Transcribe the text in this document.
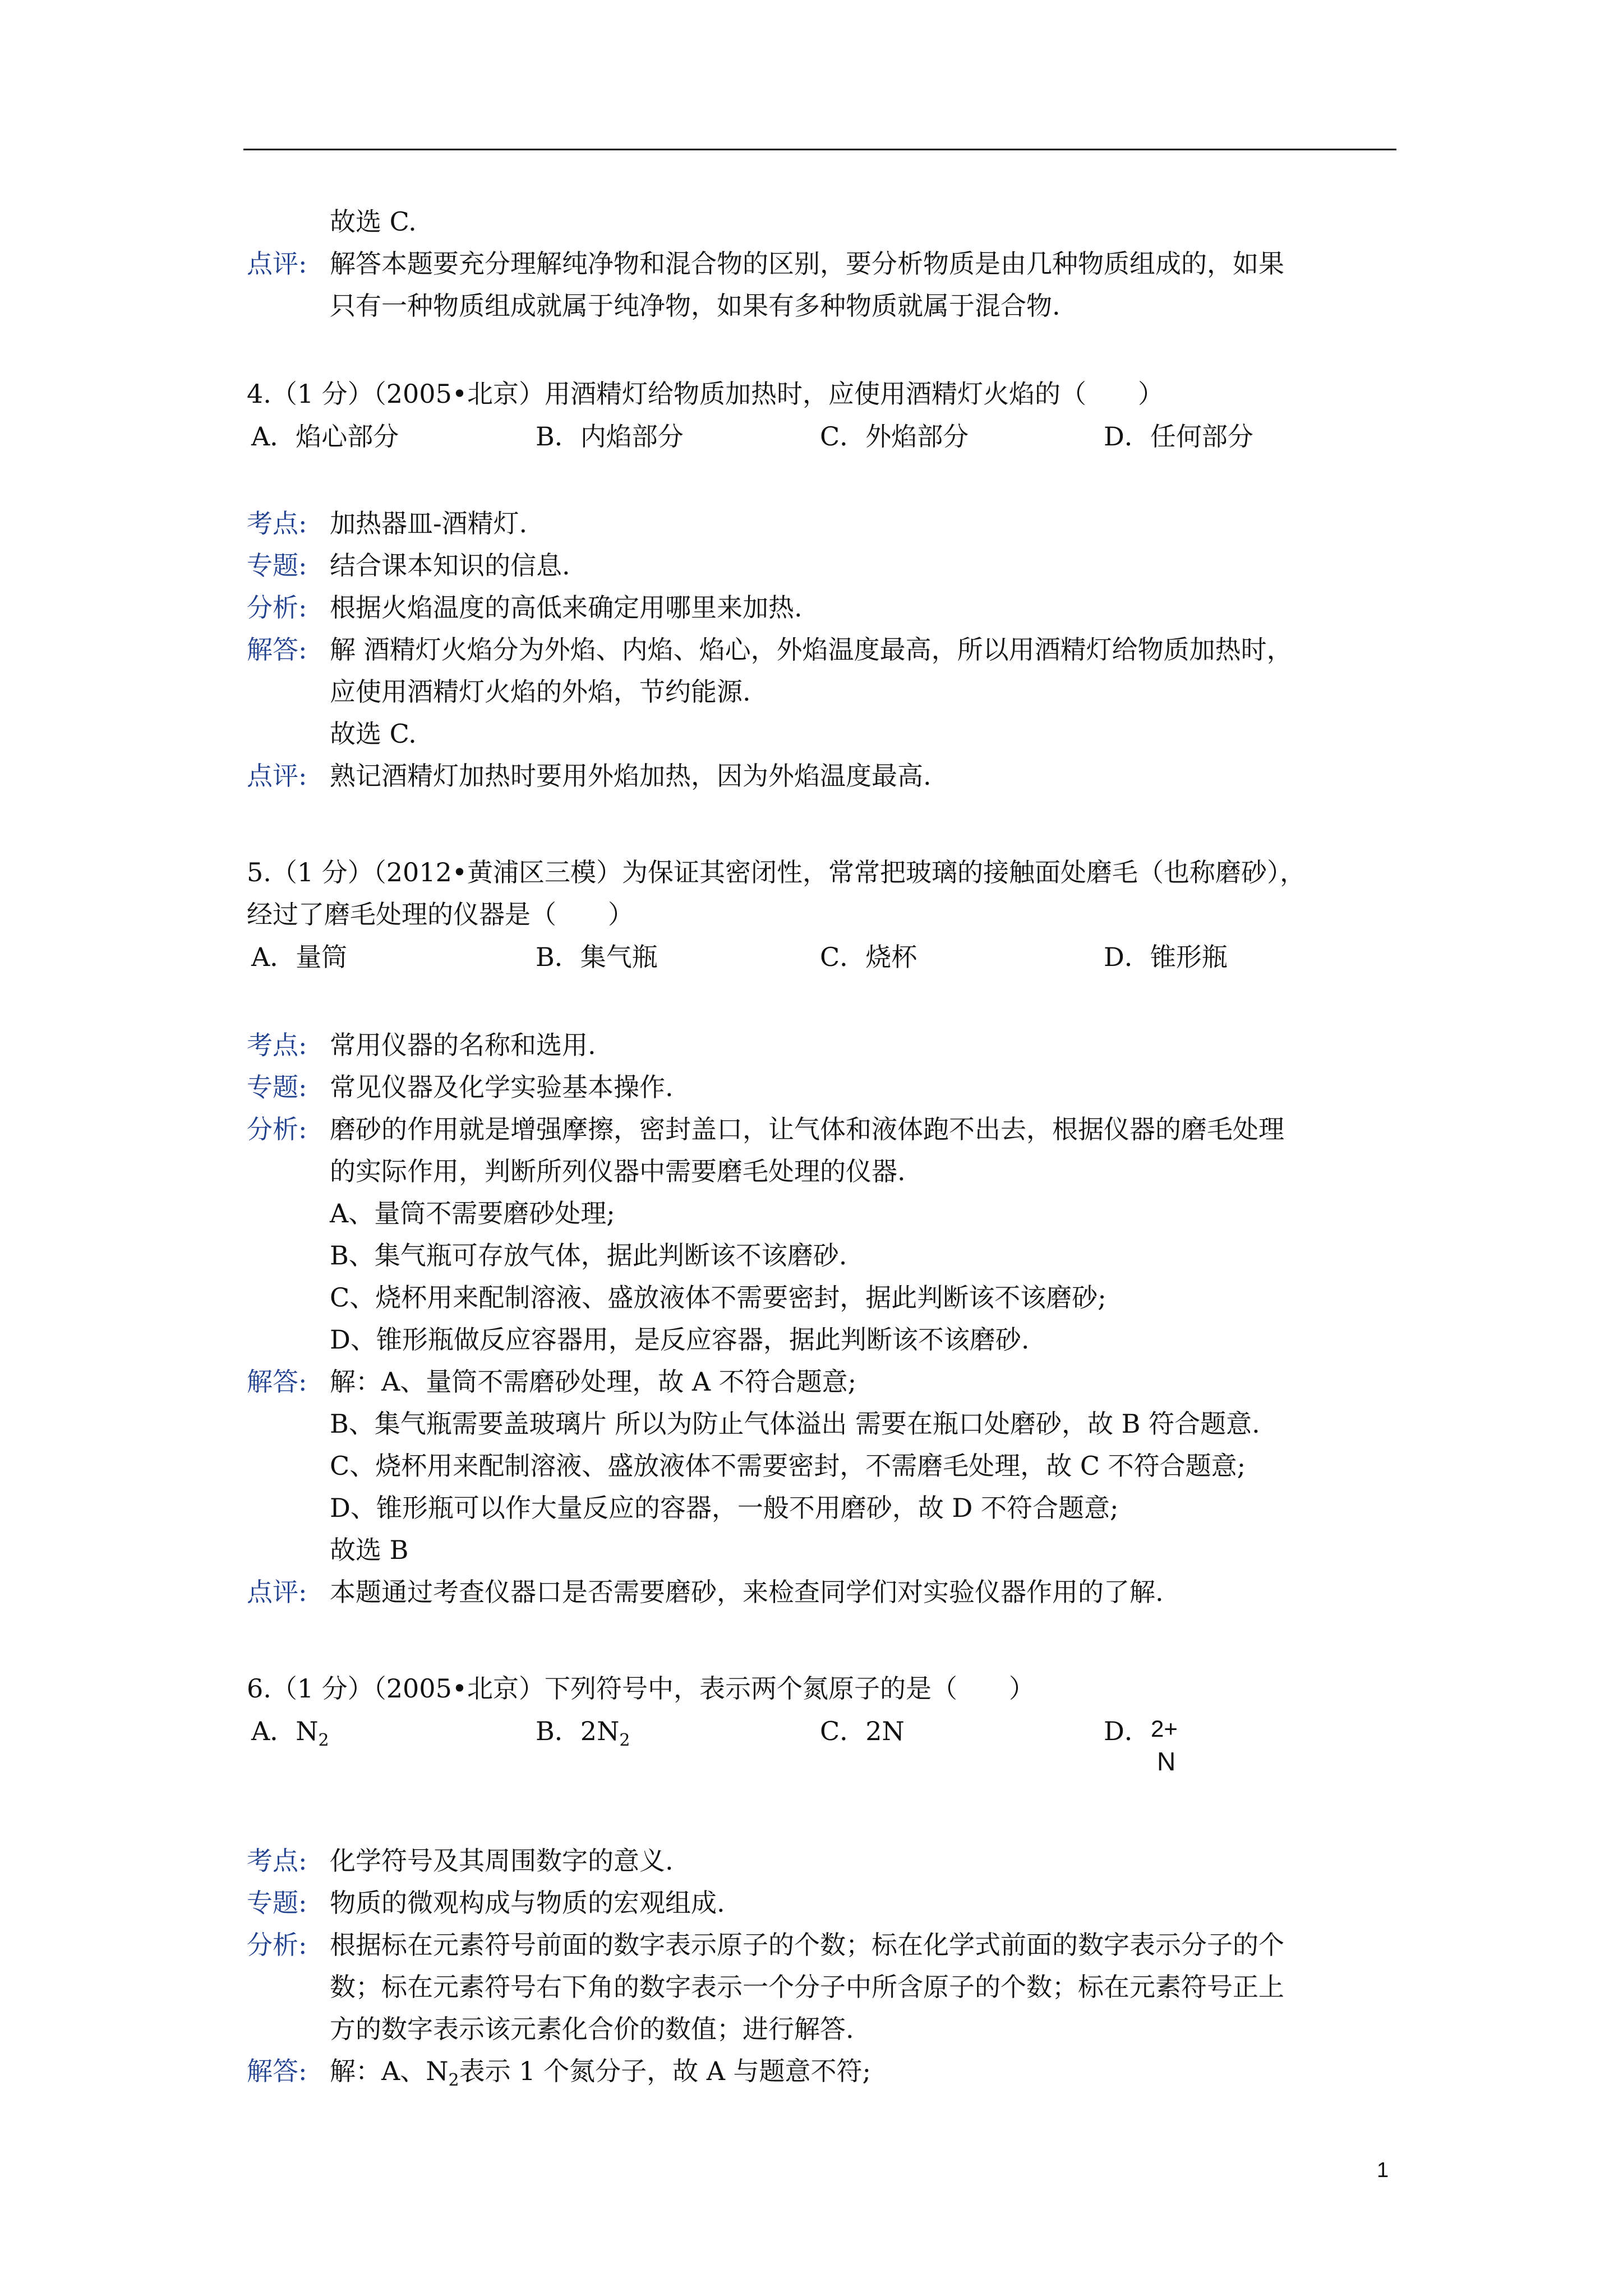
故选 C.
点评: 解答本题要充分理解纯净物和混合物的区别，要分析物质是由几种物质组成的，如果
只有一种物质组成就属于纯净物，如果有多种物质就属于混合物.
4.（1 分）（2005•北京）用酒精灯给物质加热时，应使用酒精灯火焰的（　　）
A．焰心部分	B．内焰部分	C．外焰部分	D．任何部分
考点: 加热器皿-酒精灯.
专题: 结合课本知识的信息.
分析: 根据火焰温度的高低来确定用哪里来加热.
解答: 解 酒精灯火焰分为外焰、内焰、焰心，外焰温度最高，所以用酒精灯给物质加热时，
应使用酒精灯火焰的外焰，节约能源.
故选 C.
点评: 熟记酒精灯加热时要用外焰加热，因为外焰温度最高.
5.（1 分）（2012•黄浦区三模）为保证其密闭性，常常把玻璃的接触面处磨毛（也称磨砂），
经过了磨毛处理的仪器是（　　）
A．量筒	B．集气瓶	C．烧杯	D．锥形瓶
考点: 常用仪器的名称和选用.
专题: 常见仪器及化学实验基本操作.
分析: 磨砂的作用就是增强摩擦，密封盖口，让气体和液体跑不出去，根据仪器的磨毛处理
的实际作用，判断所列仪器中需要磨毛处理的仪器.
A、量筒不需要磨砂处理;
B、集气瓶可存放气体，据此判断该不该磨砂.
C、烧杯用来配制溶液、盛放液体不需要密封，据此判断该不该磨砂;
D、锥形瓶做反应容器用，是反应容器，据此判断该不该磨砂.
解答: 解：A、量筒不需磨砂处理，故 A 不符合题意;
B、集气瓶需要盖玻璃片 所以为防止气体溢出 需要在瓶口处磨砂，故 B 符合题意.
C、烧杯用来配制溶液、盛放液体不需要密封，不需磨毛处理，故 C 不符合题意;
D、锥形瓶可以作大量反应的容器，一般不用磨砂，故 D 不符合题意;
故选 B
点评: 本题通过考查仪器口是否需要磨砂，来检查同学们对实验仪器作用的了解.
6.（1 分）（2005•北京）下列符号中，表示两个氮原子的是（　　）
A．$N_2$	B．$2N_2$	C．2N	D． 2+
N
考点: 化学符号及其周围数字的意义.
专题: 物质的微观构成与物质的宏观组成.
分析: 根据标在元素符号前面的数字表示原子的个数；标在化学式前面的数字表示分子的个
数；标在元素符号右下角的数字表示一个分子中所含原子的个数；标在元素符号正上
方的数字表示该元素化合价的数值；进行解答.
解答: 解：A、$N_2$表示 1 个氮分子，故 A 与题意不符;
1
